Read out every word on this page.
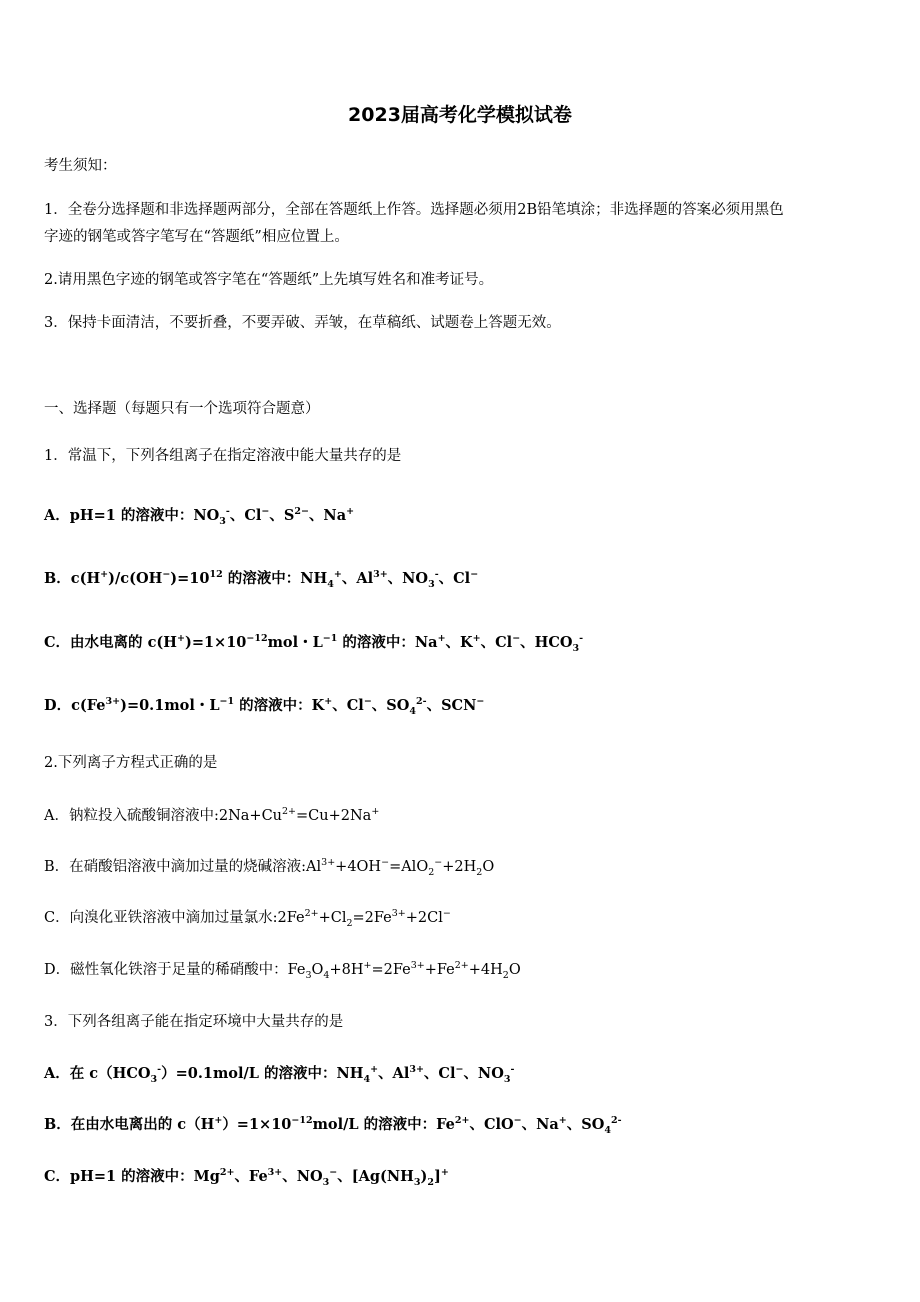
2023届高考化学模拟试卷
考生须知：
1．全卷分选择题和非选择题两部分，全部在答题纸上作答。选择题必须用2B铅笔填涂；非选择题的答案必须用黑色
字迹的钢笔或答字笔写在“答题纸”相应位置上。
2.请用黑色字迹的钢笔或答字笔在“答题纸”上先填写姓名和准考证号。
3．保持卡面清洁，不要折叠，不要弄破、弄皱，在草稿纸、试题卷上答题无效。
一、选择题（每题只有一个选项符合题意）
1．常温下，下列各组离子在指定溶液中能大量共存的是
A．pH=1 的溶液中：$NO_3^-$、Cl−、$S^{2-}$、Na+
B．$c(H^+)/c(OH^-)=10^{12}$ 的溶液中：$NH_4^+$、$Al^{3+}$、$NO_3^-$、Cl−
C．由水电离的 $c(H^+)=1\times 10^{-12}mol$・$L^{-1}$ 的溶液中：Na+、K+、Cl−、$HCO_3^-$
D．$c(Fe^{3+})=0.1mol$・$L^{-1}$ 的溶液中：K+、Cl−、$SO_4^{2-}$、SCN−
2.下列离子方程式正确的是
A．钠粒投入硫酸铜溶液中$:2Na+Cu^{2+}=Cu+2Na^+$
B．在硝酸铝溶液中滴加过量的烧碱溶液$:Al^{3+}+4OH^-=AlO_2^-+2H_2O$
C．向溴化亚铁溶液中滴加过量氯水$:2Fe^{2+}+Cl_2=2Fe^{3+}+2Cl^-$
D．磁性氧化铁溶于足量的稀硝酸中：$Fe_3O_4+8H^+=2Fe^{3+}+Fe^{2+}+4H_2O$
3．下列各组离子能在指定环境中大量共存的是
A．在 $c(HCO_3^-)=0.1mol/L$ 的溶液中：$NH_4^+$、$Al^{3+}$、Cl−、$NO_3^-$
B．在由水电离出的 $c(H^+)=1\times 10^{-12}mol/L$ 的溶液中：$Fe^{2+}$、ClO−、Na+、$SO_4^{2-}$
C．pH=1 的溶液中：$Mg^{2+}$、$Fe^{3+}$、$NO_3^-$、$[Ag(NH_3)_2]^+$
